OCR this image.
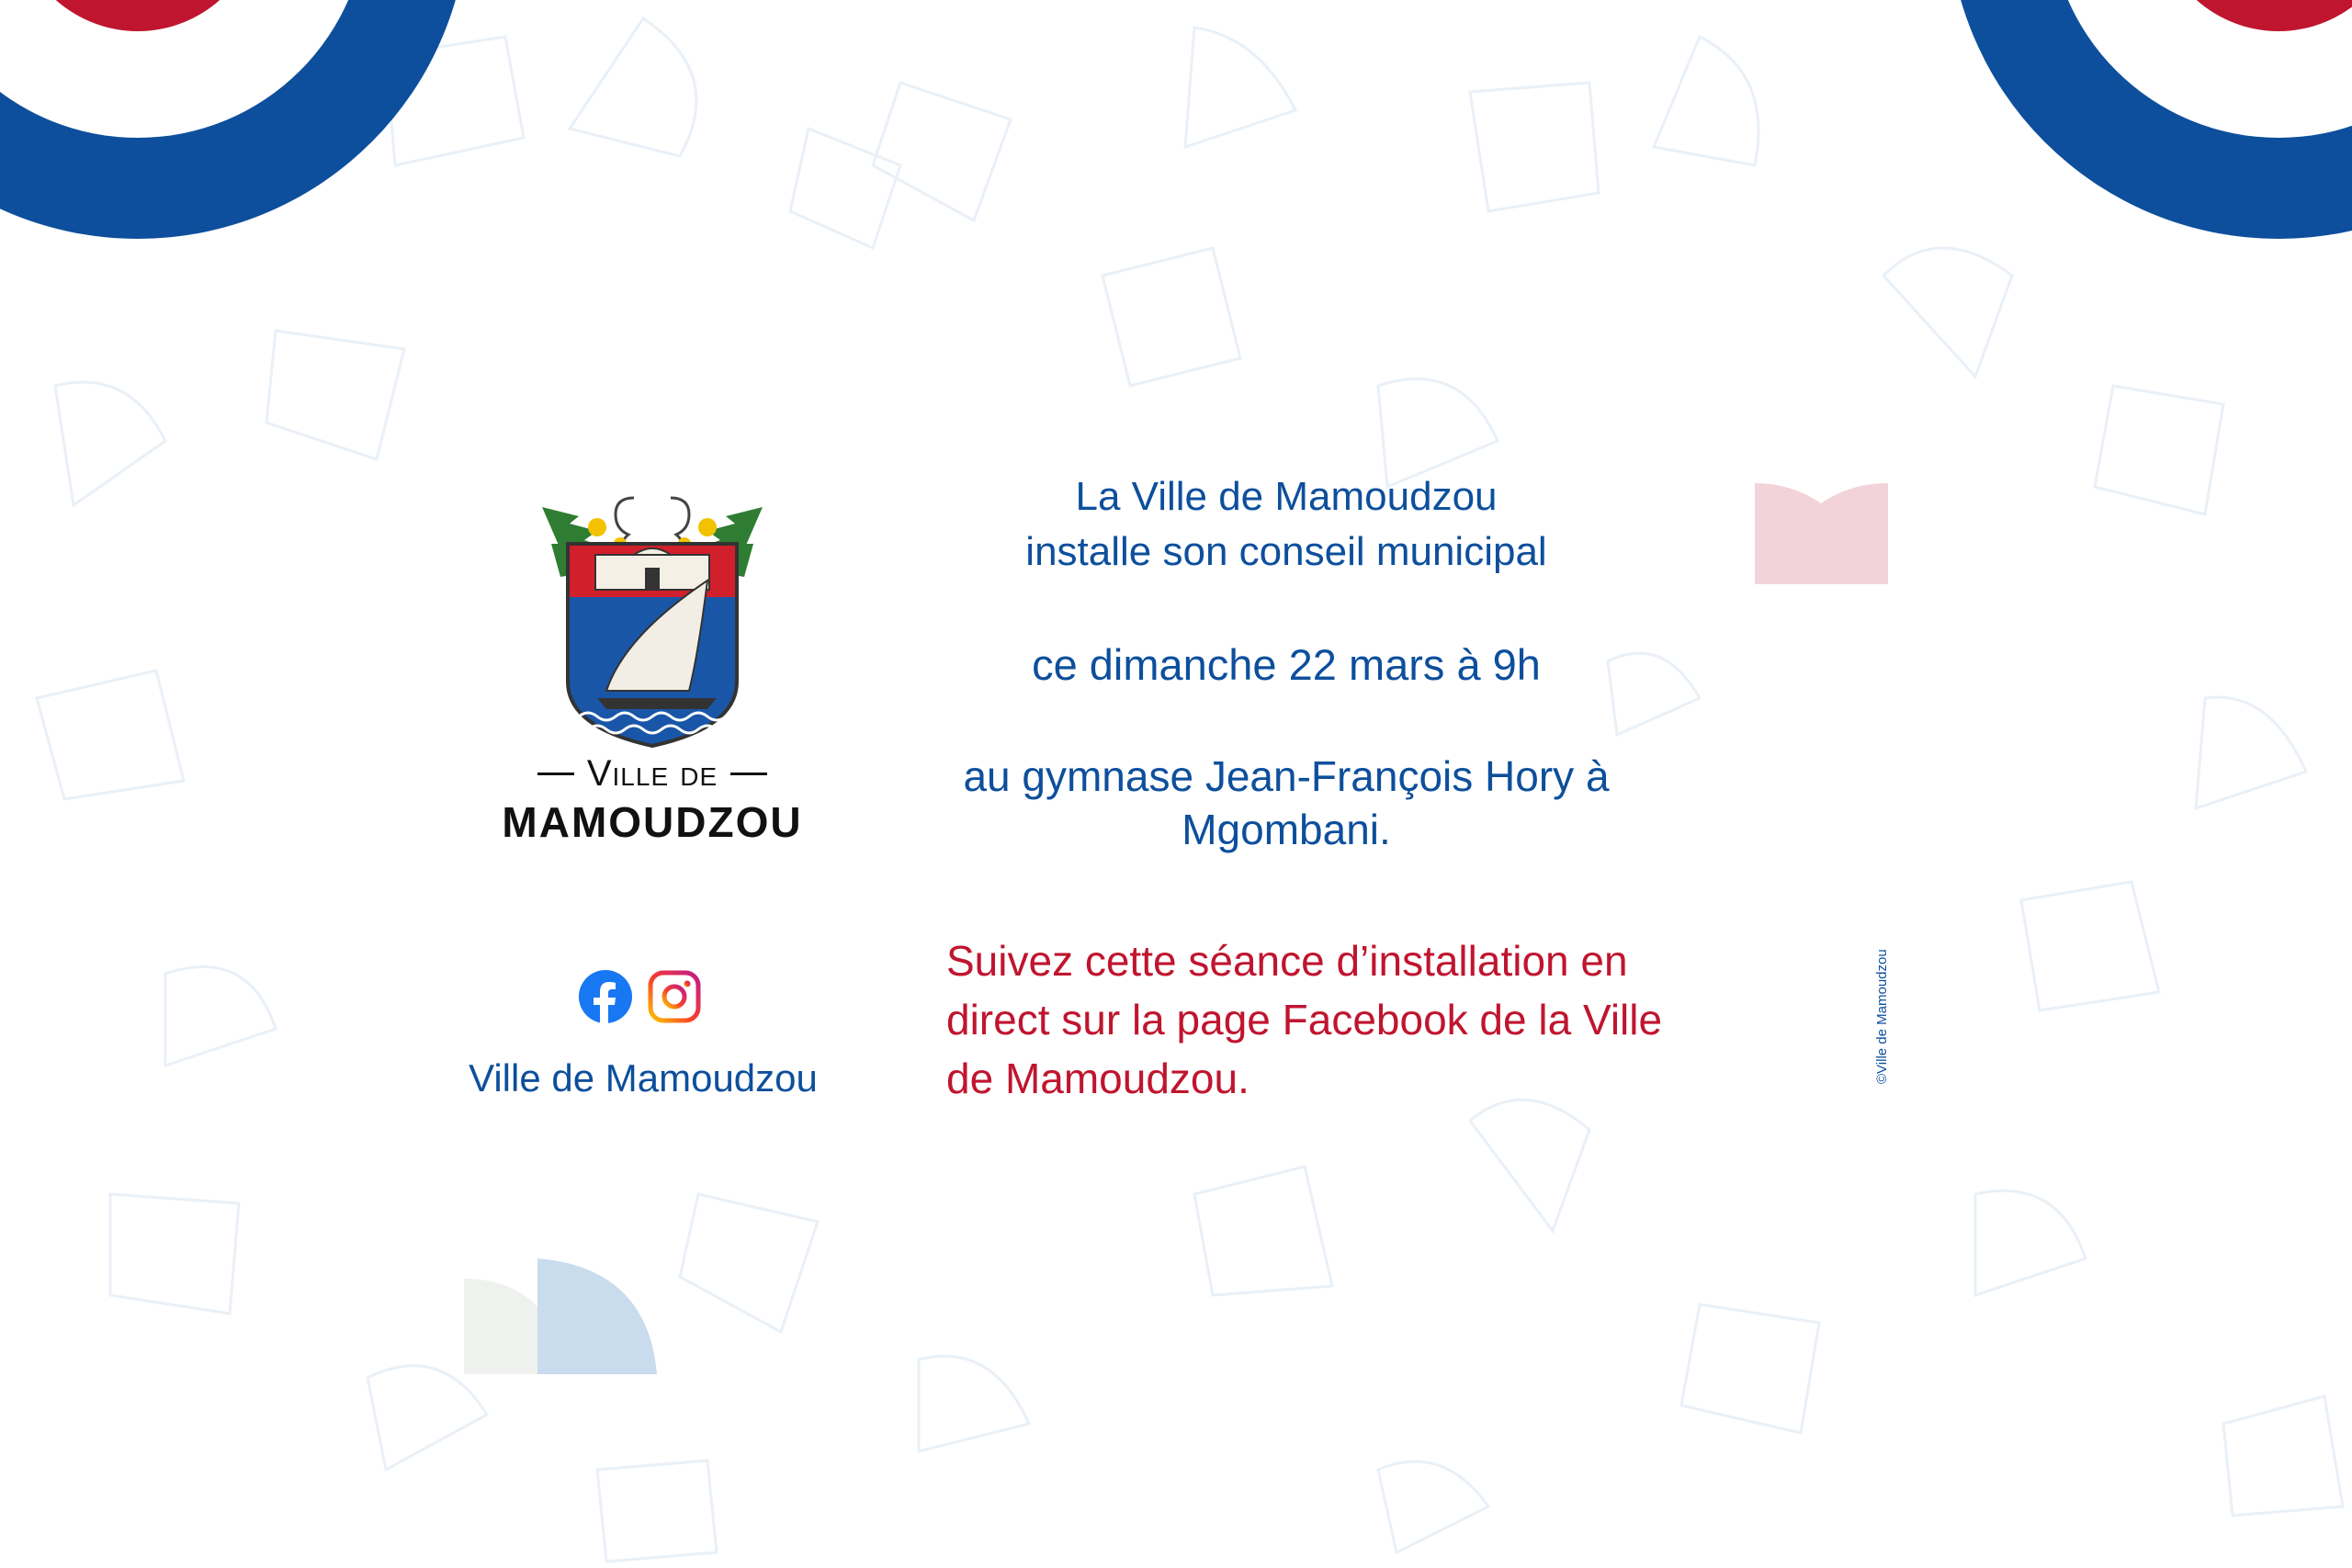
Ville de
MAMOUDZOU
Ville de Mamoudzou
La Ville de Mamoudzou
installe son conseil municipal
ce dimanche 22 mars à 9h
au gymnase Jean-François Hory à Mgombani.
Suivez cette séance d’installation en direct sur la page Facebook de la Ville de Mamoudzou.	©Ville de Mamoudzou
